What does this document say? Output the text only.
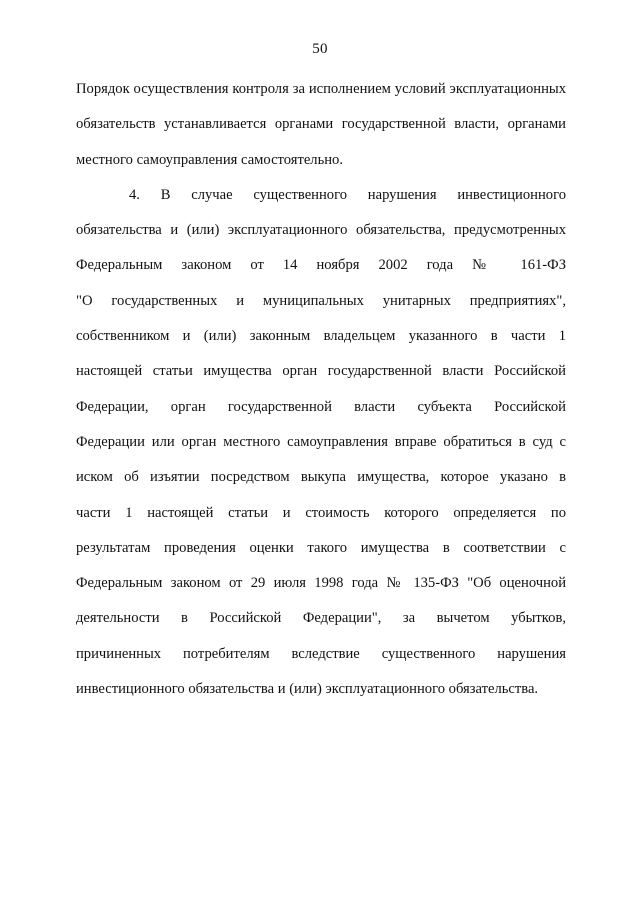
50
Порядок осуществления контроля за исполнением условий эксплуатационных
обязательств устанавливается органами государственной власти, органами
местного самоуправления самостоятельно.
4. В случае существенного нарушения инвестиционного
обязательства и (или) эксплуатационного обязательства, предусмотренных
Федеральным законом от 14 ноября 2002 года № 161-ФЗ
"О государственных и муниципальных унитарных предприятиях",
собственником и (или) законным владельцем указанного в части 1
настоящей статьи имущества орган государственной власти Российской
Федерации, орган государственной власти субъекта Российской
Федерации или орган местного самоуправления вправе обратиться в суд с
иском об изъятии посредством выкупа имущества, которое указано в
части 1 настоящей статьи и стоимость которого определяется по
результатам проведения оценки такого имущества в соответствии с
Федеральным законом от 29 июля 1998 года № 135-ФЗ "Об оценочной
деятельности в Российской Федерации", за вычетом убытков,
причиненных потребителям вследствие существенного нарушения
инвестиционного обязательства и (или) эксплуатационного обязательства.
